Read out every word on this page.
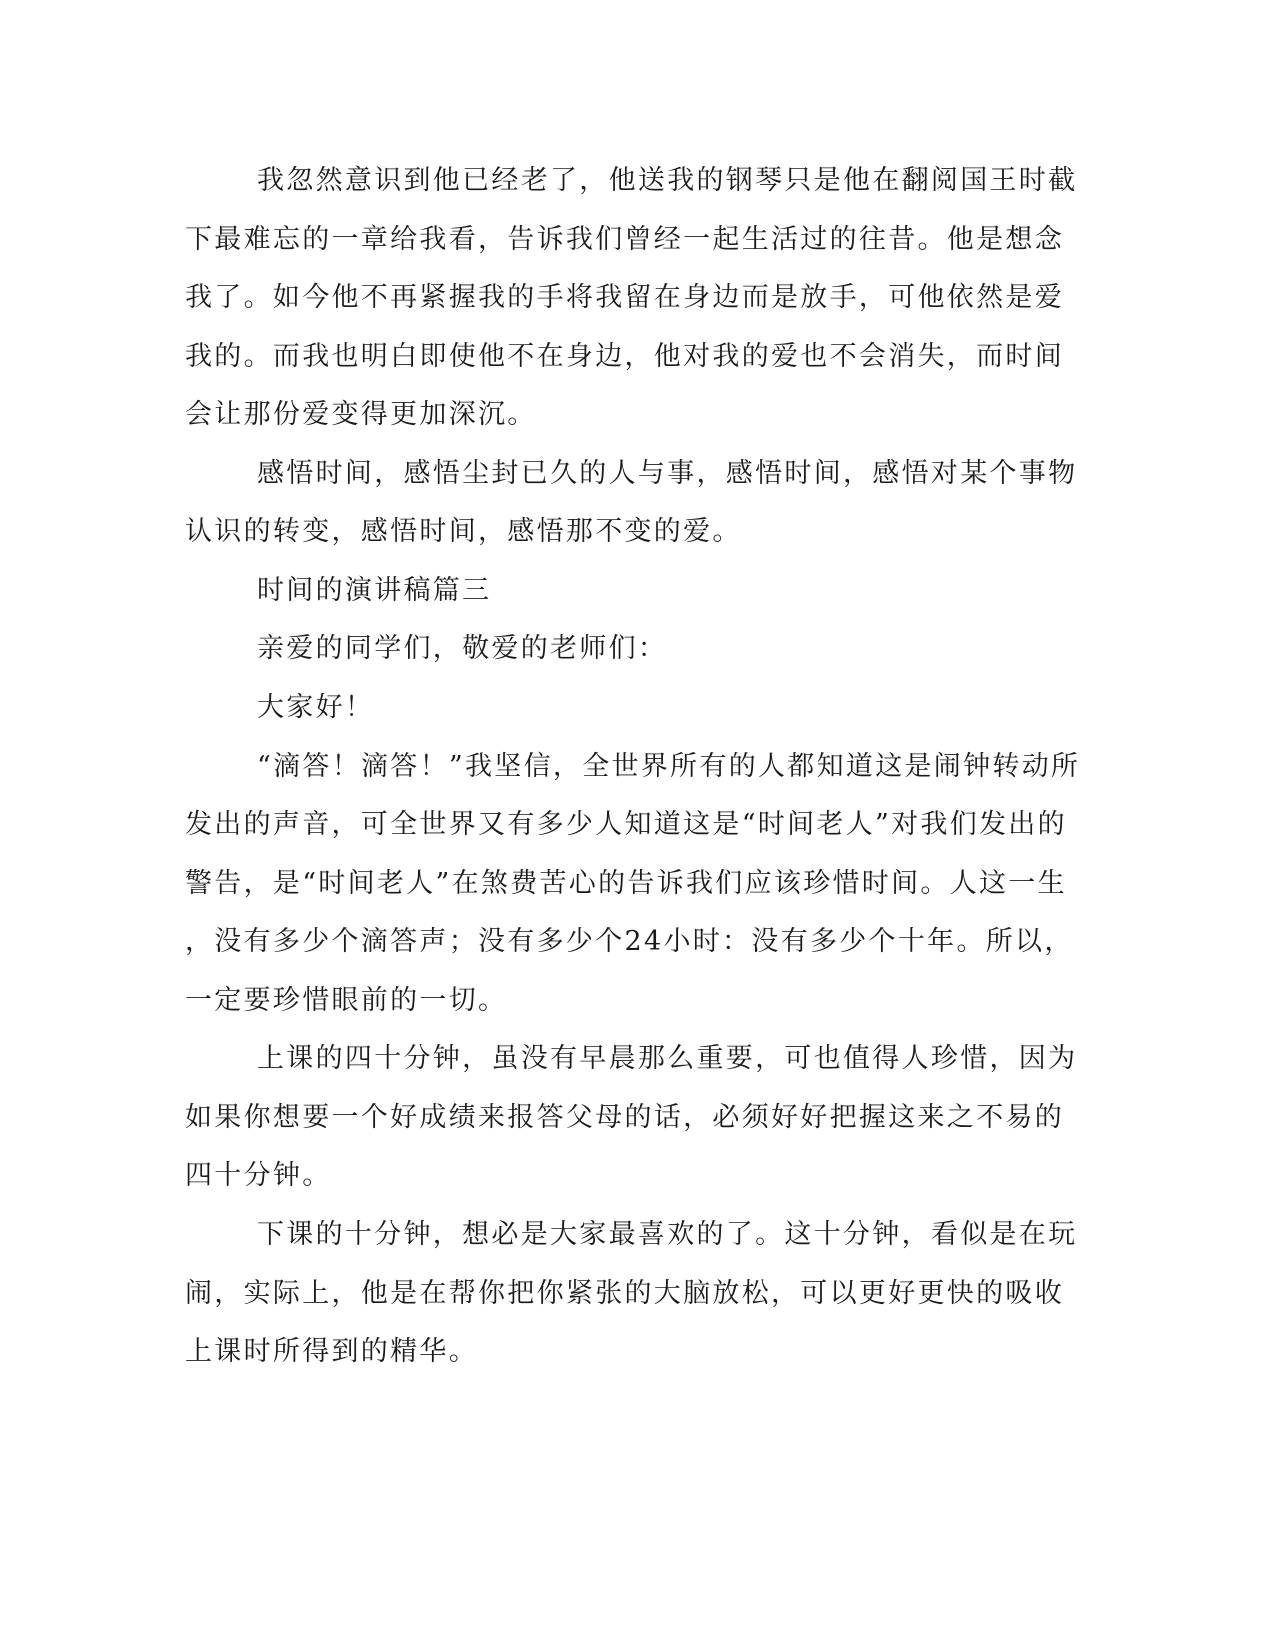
我忽然意识到他已经老了，他送我的钢琴只是他在翻阅国王时截
下最难忘的一章给我看，告诉我们曾经一起生活过的往昔。他是想念
我了。如今他不再紧握我的手将我留在身边而是放手，可他依然是爱
我的。而我也明白即使他不在身边，他对我的爱也不会消失，而时间
会让那份爱变得更加深沉。
感悟时间，感悟尘封已久的人与事，感悟时间，感悟对某个事物
认识的转变，感悟时间，感悟那不变的爱。
时间的演讲稿篇三
亲爱的同学们，敬爱的老师们：
大家好！
“滴答！滴答！”我坚信，全世界所有的人都知道这是闹钟转动所
发出的声音，可全世界又有多少人知道这是“时间老人”对我们发出的
警告，是“时间老人”在煞费苦心的告诉我们应该珍惜时间。人这一生
，没有多少个滴答声；没有多少个24小时：没有多少个十年。所以，
一定要珍惜眼前的一切。
上课的四十分钟，虽没有早晨那么重要，可也值得人珍惜，因为
如果你想要一个好成绩来报答父母的话，必须好好把握这来之不易的
四十分钟。
下课的十分钟，想必是大家最喜欢的了。这十分钟，看似是在玩
闹，实际上，他是在帮你把你紧张的大脑放松，可以更好更快的吸收
上课时所得到的精华。
